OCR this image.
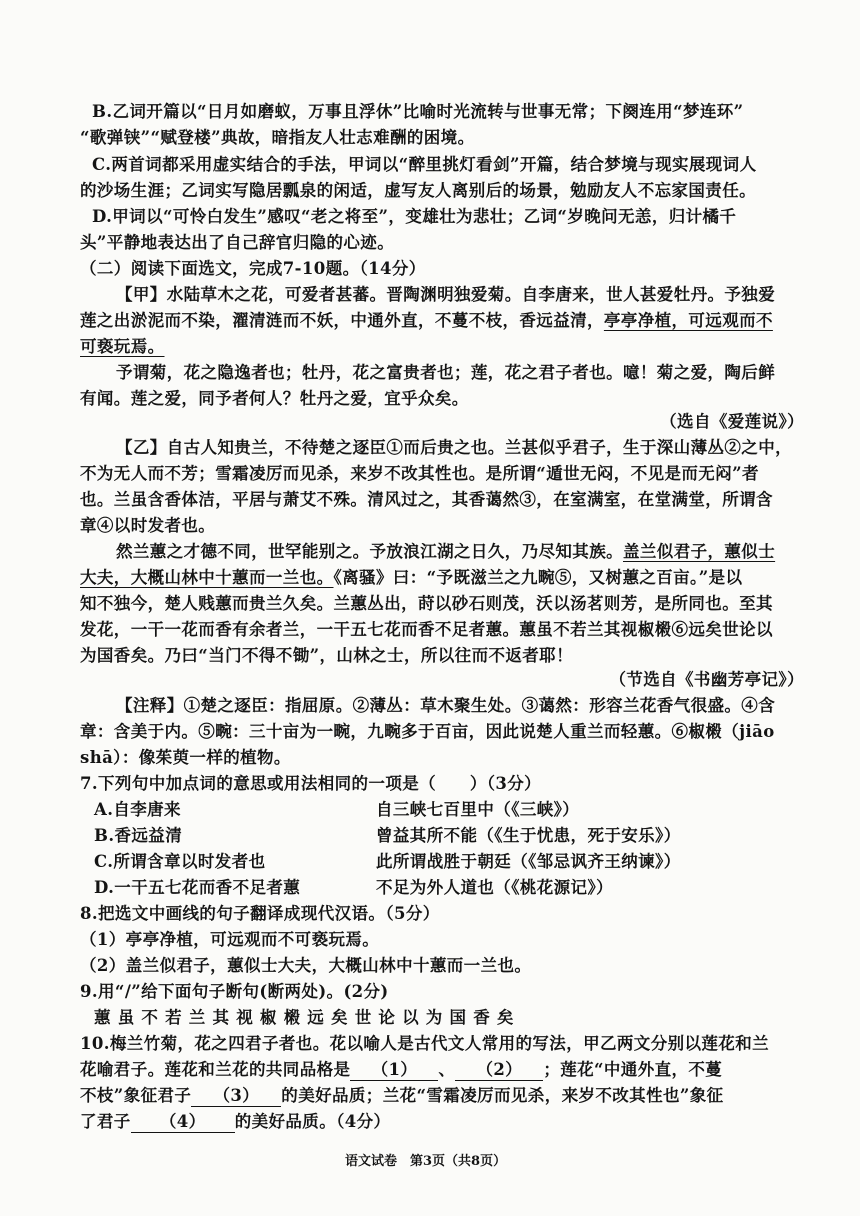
B.乙词开篇以“日月如磨蚁，万事且浮休”比喻时光流转与世事无常；下阕连用“梦连环”
“歌弹铗”“赋登楼”典故，暗指友人壮志难酬的困境。
C.两首词都采用虚实结合的手法，甲词以“醉里挑灯看剑”开篇，结合梦境与现实展现词人
的沙场生涯；乙词实写隐居瓢泉的闲适，虚写友人离别后的场景，勉励友人不忘家国责任。
D.甲词以“可怜白发生”感叹“老之将至”，变雄壮为悲壮；乙词“岁晚问无恙，归计橘千
头”平静地表达出了自己辞官归隐的心迹。
（二）阅读下面选文，完成7-10题。（14分）
【甲】水陆草木之花，可爱者甚蕃。晋陶渊明独爱菊。自李唐来，世人甚爱牡丹。予独爱
莲之出淤泥而不染，濯清涟而不妖，中通外直，不蔓不枝，香远益清，亭亭净植，可远观而不
可亵玩焉。
予谓菊，花之隐逸者也；牡丹，花之富贵者也；莲，花之君子者也。噫！菊之爱，陶后鲜
有闻。莲之爱，同予者何人？牡丹之爱，宜乎众矣。
（选自《爱莲说》）
【乙】自古人知贵兰，不待楚之逐臣①而后贵之也。兰甚似乎君子，生于深山薄丛②之中，
不为无人而不芳；雪霜凌厉而见杀，来岁不改其性也。是所谓“遁世无闷，不见是而无闷”者
也。兰虽含香体洁，平居与萧艾不殊。清风过之，其香蔼然③，在室满室，在堂满堂，所谓含
章④以时发者也。
然兰蕙之才德不同，世罕能别之。予放浪江湖之日久，乃尽知其族。盖兰似君子，蕙似士
大夫，大概山林中十蕙而一兰也。《离骚》曰：“予既滋兰之九畹⑤，又树蕙之百亩。”是以
知不独今，楚人贱蕙而贵兰久矣。兰蕙丛出，莳以砂石则茂，沃以汤茗则芳，是所同也。至其
发花，一干一花而香有余者兰，一干五七花而香不足者蕙。蕙虽不若兰其视椒樧⑥远矣世论以
为国香矣。乃曰“当门不得不锄”，山林之士，所以往而不返者耶！
（节选自《书幽芳亭记》）
【注释】①楚之逐臣：指屈原。②薄丛：草木聚生处。③蔼然：形容兰花香气很盛。④含
章：含美于内。⑤畹：三十亩为一畹，九畹多于百亩，因此说楚人重兰而轻蕙。⑥椒樧（jiāo
shā）：像茱萸一样的植物。
7.下列句中加点词的意思或用法相同的一项是（　　）（3分）
A.自李唐来	自三峡七百里中（《三峡》）
B.香远益清	曾益其所不能（《生于忧患，死于安乐》）
C.所谓含章以时发者也	此所谓战胜于朝廷（《邹忌讽齐王纳谏》）
D.一干五七花而香不足者蕙	不足为外人道也（《桃花源记》）
8.把选文中画线的句子翻译成现代汉语。（5分）
（1）亭亭净植，可远观而不可亵玩焉。
（2）盖兰似君子，蕙似士大夫，大概山林中十蕙而一兰也。
9.用“/”给下面句子断句(断两处)。(2分)
蕙虽不若兰其视椒樧远矣世论以为国香矣
10.梅兰竹菊，花之四君子者也。花以喻人是古代文人常用的写法，甲乙两文分别以莲花和兰
花喻君子。莲花和兰花的共同品格是 （1） 、 （2） ；莲花“中通外直，不蔓
不枝”象征君子 （3） 的美好品质；兰花“雪霜凌厉而见杀，来岁不改其性也”象征
了君子 （4） 的美好品质。（4分）
语文试卷　第3页（共8页）
